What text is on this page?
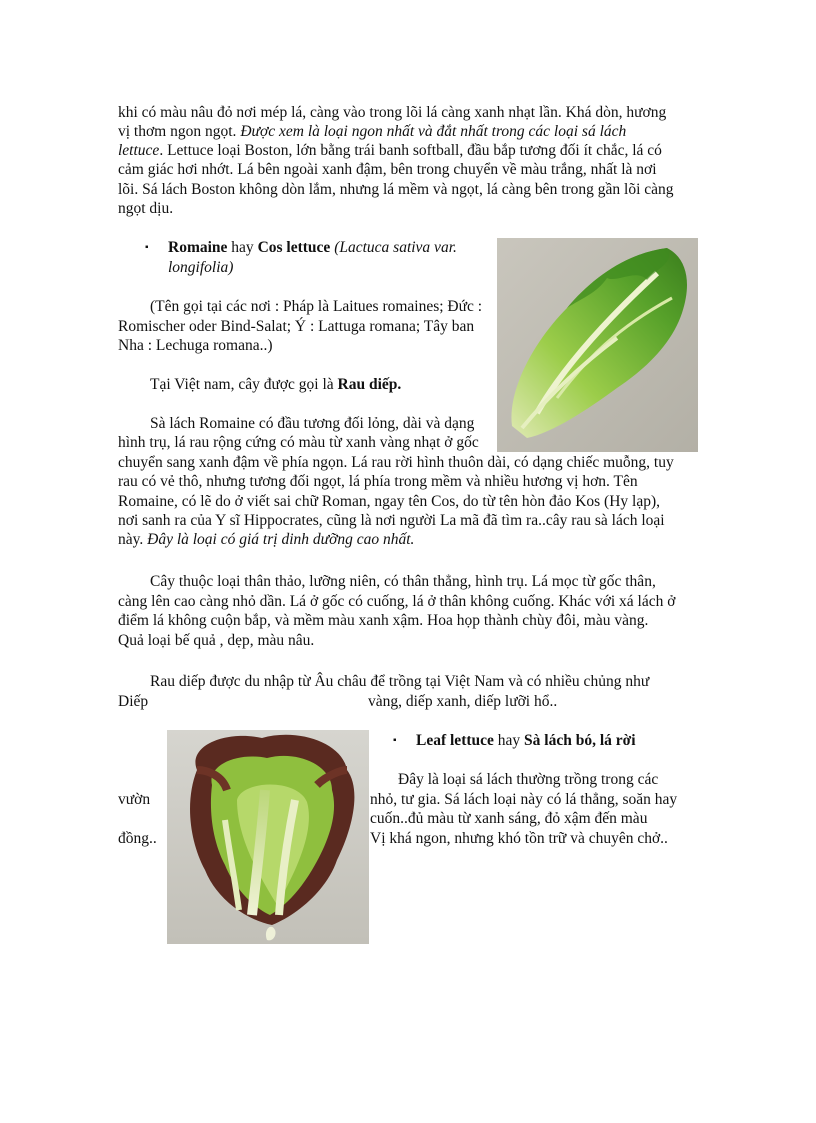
khi có màu nâu đỏ nơi mép lá, càng vào trong lõi lá càng xanh nhạt lần. Khá dòn, hương
vị thơm ngon ngọt. Được xem là loại ngon nhất và đắt nhất trong các loại sá lách
lettuce. Lettuce loại Boston, lớn bằng trái banh softball, đầu bắp tương đối ít chắc, lá có
cảm giác hơi nhớt. Lá bên ngoài xanh đậm, bên trong chuyển về màu trắng, nhất là nơi
lõi. Sá lách Boston không dòn lắm, nhưng lá mềm và ngọt, lá càng bên trong gần lõi càng
ngọt dịu.
▪ Romaine hay Cos lettuce (Lactuca sativa var.
longifolia)
(Tên gọi tại các nơi : Pháp là Laitues romaines; Đức :
Romischer oder Bind-Salat; Ý : Lattuga romana; Tây ban
Nha : Lechuga romana..)
Tại Việt nam, cây được gọi là Rau diếp.
Sà lách Romaine có đầu tương đối lỏng, dài và dạng
hình trụ, lá rau rộng cứng có màu từ xanh vàng nhạt ở gốc
chuyển sang xanh đậm về phía ngọn. Lá rau rời hình thuôn dài, có dạng chiếc muỗng, tuy
rau có vẻ thô, nhưng tương đối ngọt, lá phía trong mềm và nhiều hương vị hơn. Tên
Romaine, có lẽ do ở viết sai chữ Roman, ngay tên Cos, do từ tên hòn đảo Kos (Hy lạp),
nơi sanh ra của Y sĩ Hippocrates, cũng là nơi người La mã đã tìm ra..cây rau sà lách loại
này. Đây là loại có giá trị dinh dưỡng cao nhất.
Cây thuộc loại thân thảo, lưỡng niên, có thân thẳng, hình trụ. Lá mọc từ gốc thân,
càng lên cao càng nhỏ dần. Lá ở gốc có cuống, lá ở thân không cuống. Khác với xá lách ở
điểm lá không cuộn bắp, và mềm màu xanh xậm. Hoa họp thành chùy đôi, màu vàng.
Quả loại bế quả , dẹp, màu nâu.
Rau diếp được du nhập từ Âu châu để trồng tại Việt Nam và có nhiều chủng như
Diếp	vàng, diếp xanh, diếp lưỡi hổ..
▪ Leaf lettuce hay Sà lách bó, lá rời
Đây là loại sá lách thường trồng trong các
vườn	nhỏ, tư gia. Sá lách loại này có lá thẳng, soăn hay
cuốn..đủ màu từ xanh sáng, đỏ xậm đến màu
đồng..	Vị khá ngon, nhưng khó tồn trữ và chuyên chở..
